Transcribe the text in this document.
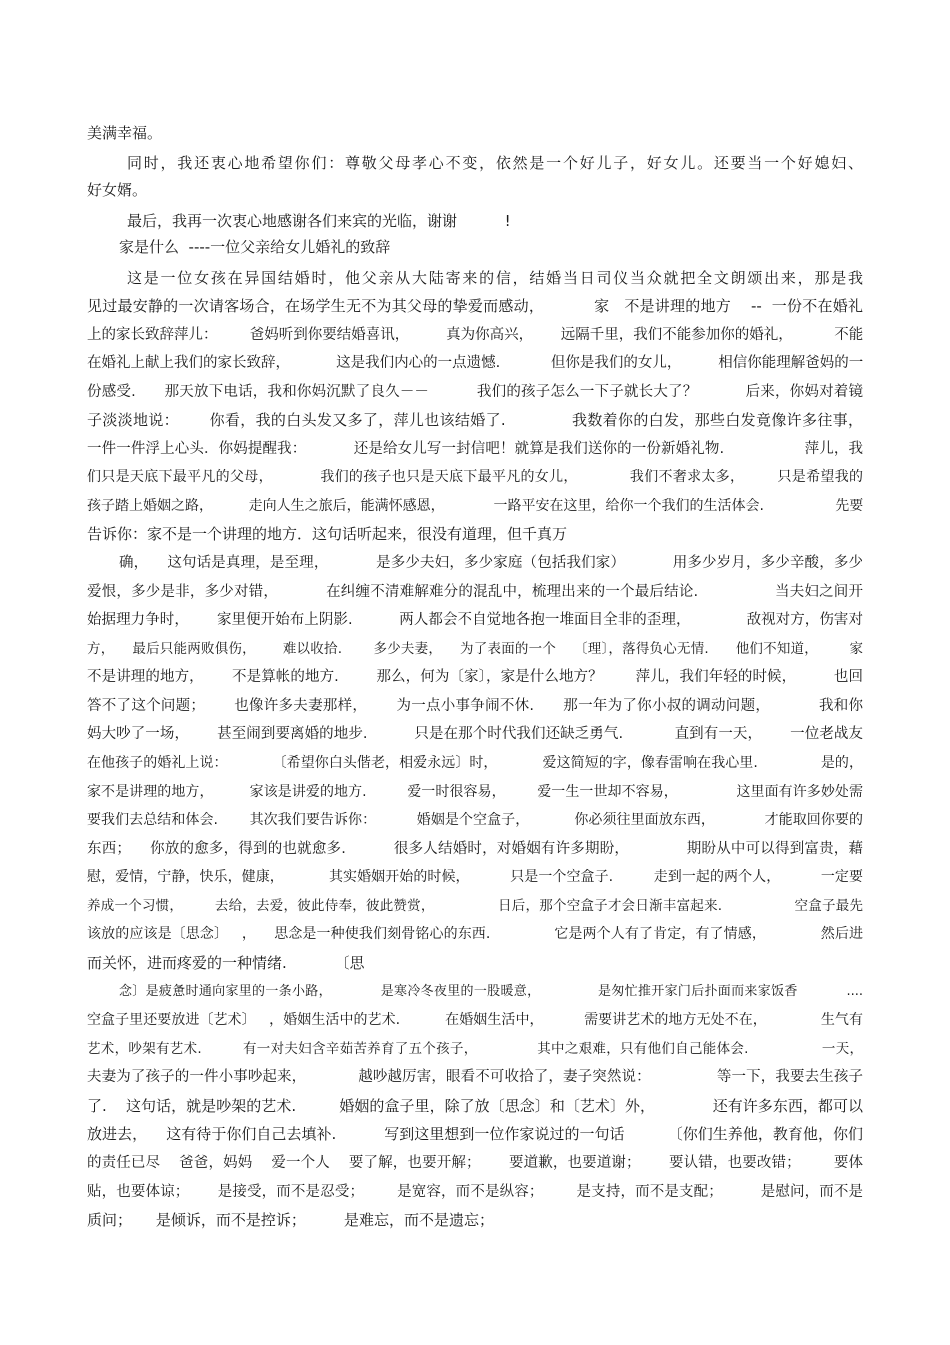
美满幸福。
同时，我还衷心地希望你们：尊敬父母孝心不变，依然是一个好儿子，好女儿。还要当一个好媳妇、
好女婿。
最后，我再一次衷心地感谢各们来宾的光临，谢谢          !
家是什么  ----一位父亲给女儿婚礼的致辞
这是一位女孩在异国结婚时，他父亲从大陆寄来的信，结婚当日司仪当众就把全文朗颂出来，那是我
见过最安静的一次请客场合，在场学生无不为其父母的挚爱而感动，          家   不是讲理的地方    --  一份不在婚礼
上的家长致辞萍儿：       爸妈听到你要结婚喜讯，        真为你高兴，      远隔千里，我们不能参加你的婚礼，         不能
在婚礼上献上我们的家长致辞，          这是我们内心的一点遗憾.           但你是我们的女儿，        相信你能理解爸妈的一
份感受.      那天放下电话，我和你妈沉默了良久－－          我们的孩子怎么一下子就长大了？          后来，你妈对着镜
子淡淡地说：      你看，我的白头发又多了，萍儿也该结婚了.             我数着你的白发，那些白发竟像许多往事，
一件一件浮上心头．你妈提醒我：          还是给女儿写一封信吧！就算是我们送你的一份新婚礼物.                 萍儿，我
们只是天底下最平凡的父母，          我们的孩子也只是天底下最平凡的女儿，           我们不奢求太多，       只是希望我的
孩子踏上婚姻之路，        走向人生之旅后，能满怀感恩，           一路平安在这里，给你一个我们的生活体会.                先要
告诉你：家不是一个讲理的地方．这句话听起来，很没有道理，但千真万
确，    这句话是真理，是至理，          是多少夫妇，多少家庭（包括我们家）          用多少岁月，多少辛酸，多少
爱恨，多少是非，多少对错，          在纠缠不清难解难分的混乱中，梳理出来的一个最后结论.                当夫妇之间开
始据理力争时，      家里便开始布上阴影.          两人都会不自觉地各抱一堆面目全非的歪理，            敌视对方，伤害对
方，    最后只能两败俱伤，      难以收拾.       多少夫妻，    为了表面的一个    〔理〕，落得负心无情.      他们不知道，       家
不是讲理的地方，      不是算帐的地方.        那么，何为〔家〕，家是什么地方？       萍儿，我们年轻的时候，        也回
答不了这个问题；      也像许多夫妻那样，      为一点小事争闹不休.      那一年为了你小叔的调动问题，          我和你
妈大吵了一场，      甚至闹到要离婚的地步.          只是在那个时代我们还缺乏勇气.           直到有一天，      一位老战友
在他孩子的婚礼上说：          〔希望你白头偕老，相爱永远〕时，          爱这简短的字，像春雷响在我心里.              是的，
家不是讲理的地方，        家该是讲爱的地方.         爱一时很容易，       爱一生一世却不容易，             这里面有许多妙处需
要我们去总结和体会.       其次我们要告诉你：         婚姻是个空盒子，          你必须往里面放东西，           才能取回你要的
东西；    你放的愈多，得到的也就愈多.          很多人结婚时，对婚姻有许多期盼，            期盼从中可以得到富贵，藉
慰，爱情，宁静，快乐，健康，          其实婚姻开始的时候，         只是一个空盒子.         走到一起的两个人，         一定要
养成一个习惯，       去给，去爱，彼此侍奉，彼此赞赏，              日后，那个空盒子才会日渐丰富起来.                空盒子最先
该放的应该是〔思念〕   ，    思念是一种使我们刻骨铭心的东西.              它是两个人有了肯定，有了情感，            然后进
而关怀，进而疼爱的一种情绪.          〔思
念〕是疲惫时通向家里的一条小路，           是寒冷冬夜里的一股暖意，             是匆忙推开家门后扑面而来家饭香           ....
空盒子里还要放进〔艺术〕   ，婚姻生活中的艺术.          在婚姻生活中，         需要讲艺术的地方无处不在，            生气有
艺术，吵架有艺术.         有一对夫妇含辛茹苦养育了五个孩子，             其中之艰难，只有他们自己能体会.                一天，
夫妻为了孩子的一件小事吵起来，           越吵越厉害，眼看不可收拾了，妻子突然说：              等一下，我要去生孩子
了.    这句话，就是吵架的艺术.         婚姻的盒子里，除了放〔思念〕和〔艺术〕外，            还有许多东西，都可以
放进去，    这有待于你们自己去填补.          写到这里想到一位作家说过的一句话         〔你们生养他，教育他，你们
的责任已尽    爸爸，妈妈    爱一个人    要了解，也要开解；      要道歉，也要道谢；      要认错，也要改错；       要体
贴，也要体谅；      是接受，而不是忍受；       是宽容，而不是纵容；       是支持，而不是支配；        是慰问，而不是
质问；     是倾诉，而不是控诉；        是难忘，而不是遗忘；
